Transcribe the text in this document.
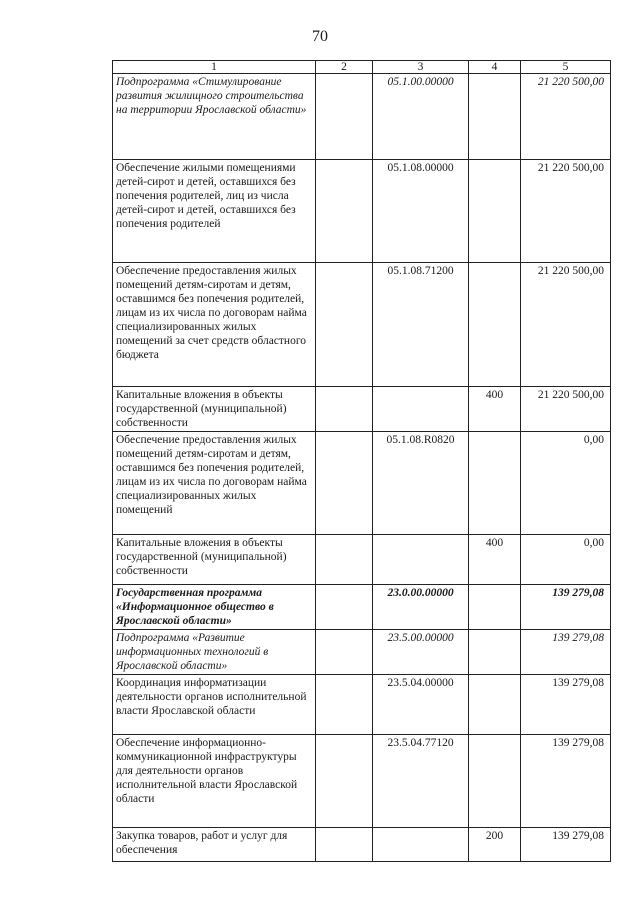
70
1	2	3	4	5
Подпрограмма «Стимулирование развития жилищного строительства на территории Ярославской области»		05.1.00.00000		21 220 500,00
Обеспечение жилыми помещениями детей-сирот и детей, оставшихся без попечения родителей, лиц из числа детей-сирот и детей, оставшихся без попечения родителей		05.1.08.00000		21 220 500,00
Обеспечение предоставления жилых помещений детям-сиротам и детям, оставшимся без попечения родителей, лицам из их числа по договорам найма специализированных жилых помещений за счет средств областного бюджета		05.1.08.71200		21 220 500,00
Капитальные вложения в объекты государственной (муниципальной) собственности			400	21 220 500,00
Обеспечение предоставления жилых помещений детям-сиротам и детям, оставшимся без попечения родителей, лицам из их числа по договорам найма специализированных жилых помещений		05.1.08.R0820		0,00
Капитальные вложения в объекты государственной (муниципальной) собственности			400	0,00
Государственная программа «Информационное общество в Ярославской области»		23.0.00.00000		139 279,08
Подпрограмма «Развитие информационных технологий в Ярославской области»		23.5.00.00000		139 279,08
Координация информатизации деятельности органов исполнительной власти Ярославской области		23.5.04.00000		139 279,08
Обеспечение информационно-коммуникационной инфраструктуры для деятельности органов исполнительной власти Ярославской области		23.5.04.77120		139 279,08
Закупка товаров, работ и услуг для обеспечения			200	139 279,08
